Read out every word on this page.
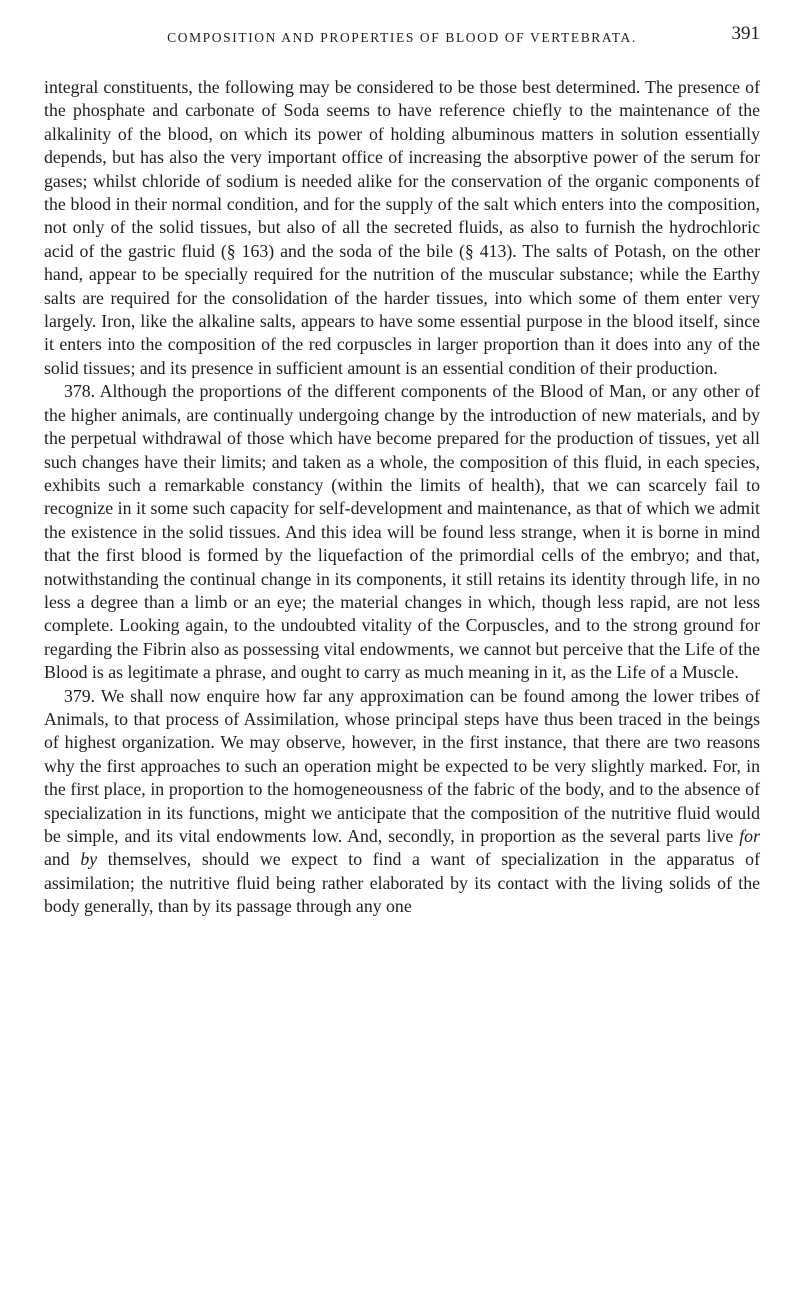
COMPOSITION AND PROPERTIES OF BLOOD OF VERTEBRATA.	391

integral constituents, the following may be considered to be those best determined. The presence of the phosphate and carbonate of Soda seems to have reference chiefly to the maintenance of the alkalinity of the blood, on which its power of holding albuminous matters in solution essentially depends, but has also the very important office of increasing the absorptive power of the serum for gases; whilst chloride of sodium is needed alike for the conservation of the organic components of the blood in their normal condition, and for the supply of the salt which enters into the composition, not only of the solid tissues, but also of all the secreted fluids, as also to furnish the hydrochloric acid of the gastric fluid (§ 163) and the soda of the bile (§ 413). The salts of Potash, on the other hand, appear to be specially required for the nutrition of the muscular substance; while the Earthy salts are required for the consolidation of the harder tissues, into which some of them enter very largely. Iron, like the alkaline salts, appears to have some essential purpose in the blood itself, since it enters into the composition of the red corpuscles in larger proportion than it does into any of the solid tissues; and its presence in sufficient amount is an essential condition of their production.

378. Although the proportions of the different components of the Blood of Man, or any other of the higher animals, are continually undergoing change by the introduction of new materials, and by the perpetual withdrawal of those which have become prepared for the production of tissues, yet all such changes have their limits; and taken as a whole, the composition of this fluid, in each species, exhibits such a remarkable constancy (within the limits of health), that we can scarcely fail to recognize in it some such capacity for self-development and maintenance, as that of which we admit the existence in the solid tissues. And this idea will be found less strange, when it is borne in mind that the first blood is formed by the liquefaction of the primordial cells of the embryo; and that, notwithstanding the continual change in its components, it still retains its identity through life, in no less a degree than a limb or an eye; the material changes in which, though less rapid, are not less complete. Looking again, to the undoubted vitality of the Corpuscles, and to the strong ground for regarding the Fibrin also as possessing vital endowments, we cannot but perceive that the Life of the Blood is as legitimate a phrase, and ought to carry as much meaning in it, as the Life of a Muscle.

379. We shall now enquire how far any approximation can be found among the lower tribes of Animals, to that process of Assimilation, whose principal steps have thus been traced in the beings of highest organization. We may observe, however, in the first instance, that there are two reasons why the first approaches to such an operation might be expected to be very slightly marked. For, in the first place, in proportion to the homogeneousness of the fabric of the body, and to the absence of specialization in its functions, might we anticipate that the composition of the nutritive fluid would be simple, and its vital endowments low. And, secondly, in proportion as the several parts live for and by themselves, should we expect to find a want of specialization in the apparatus of assimilation; the nutritive fluid being rather elaborated by its contact with the living solids of the body generally, than by its passage through any one
